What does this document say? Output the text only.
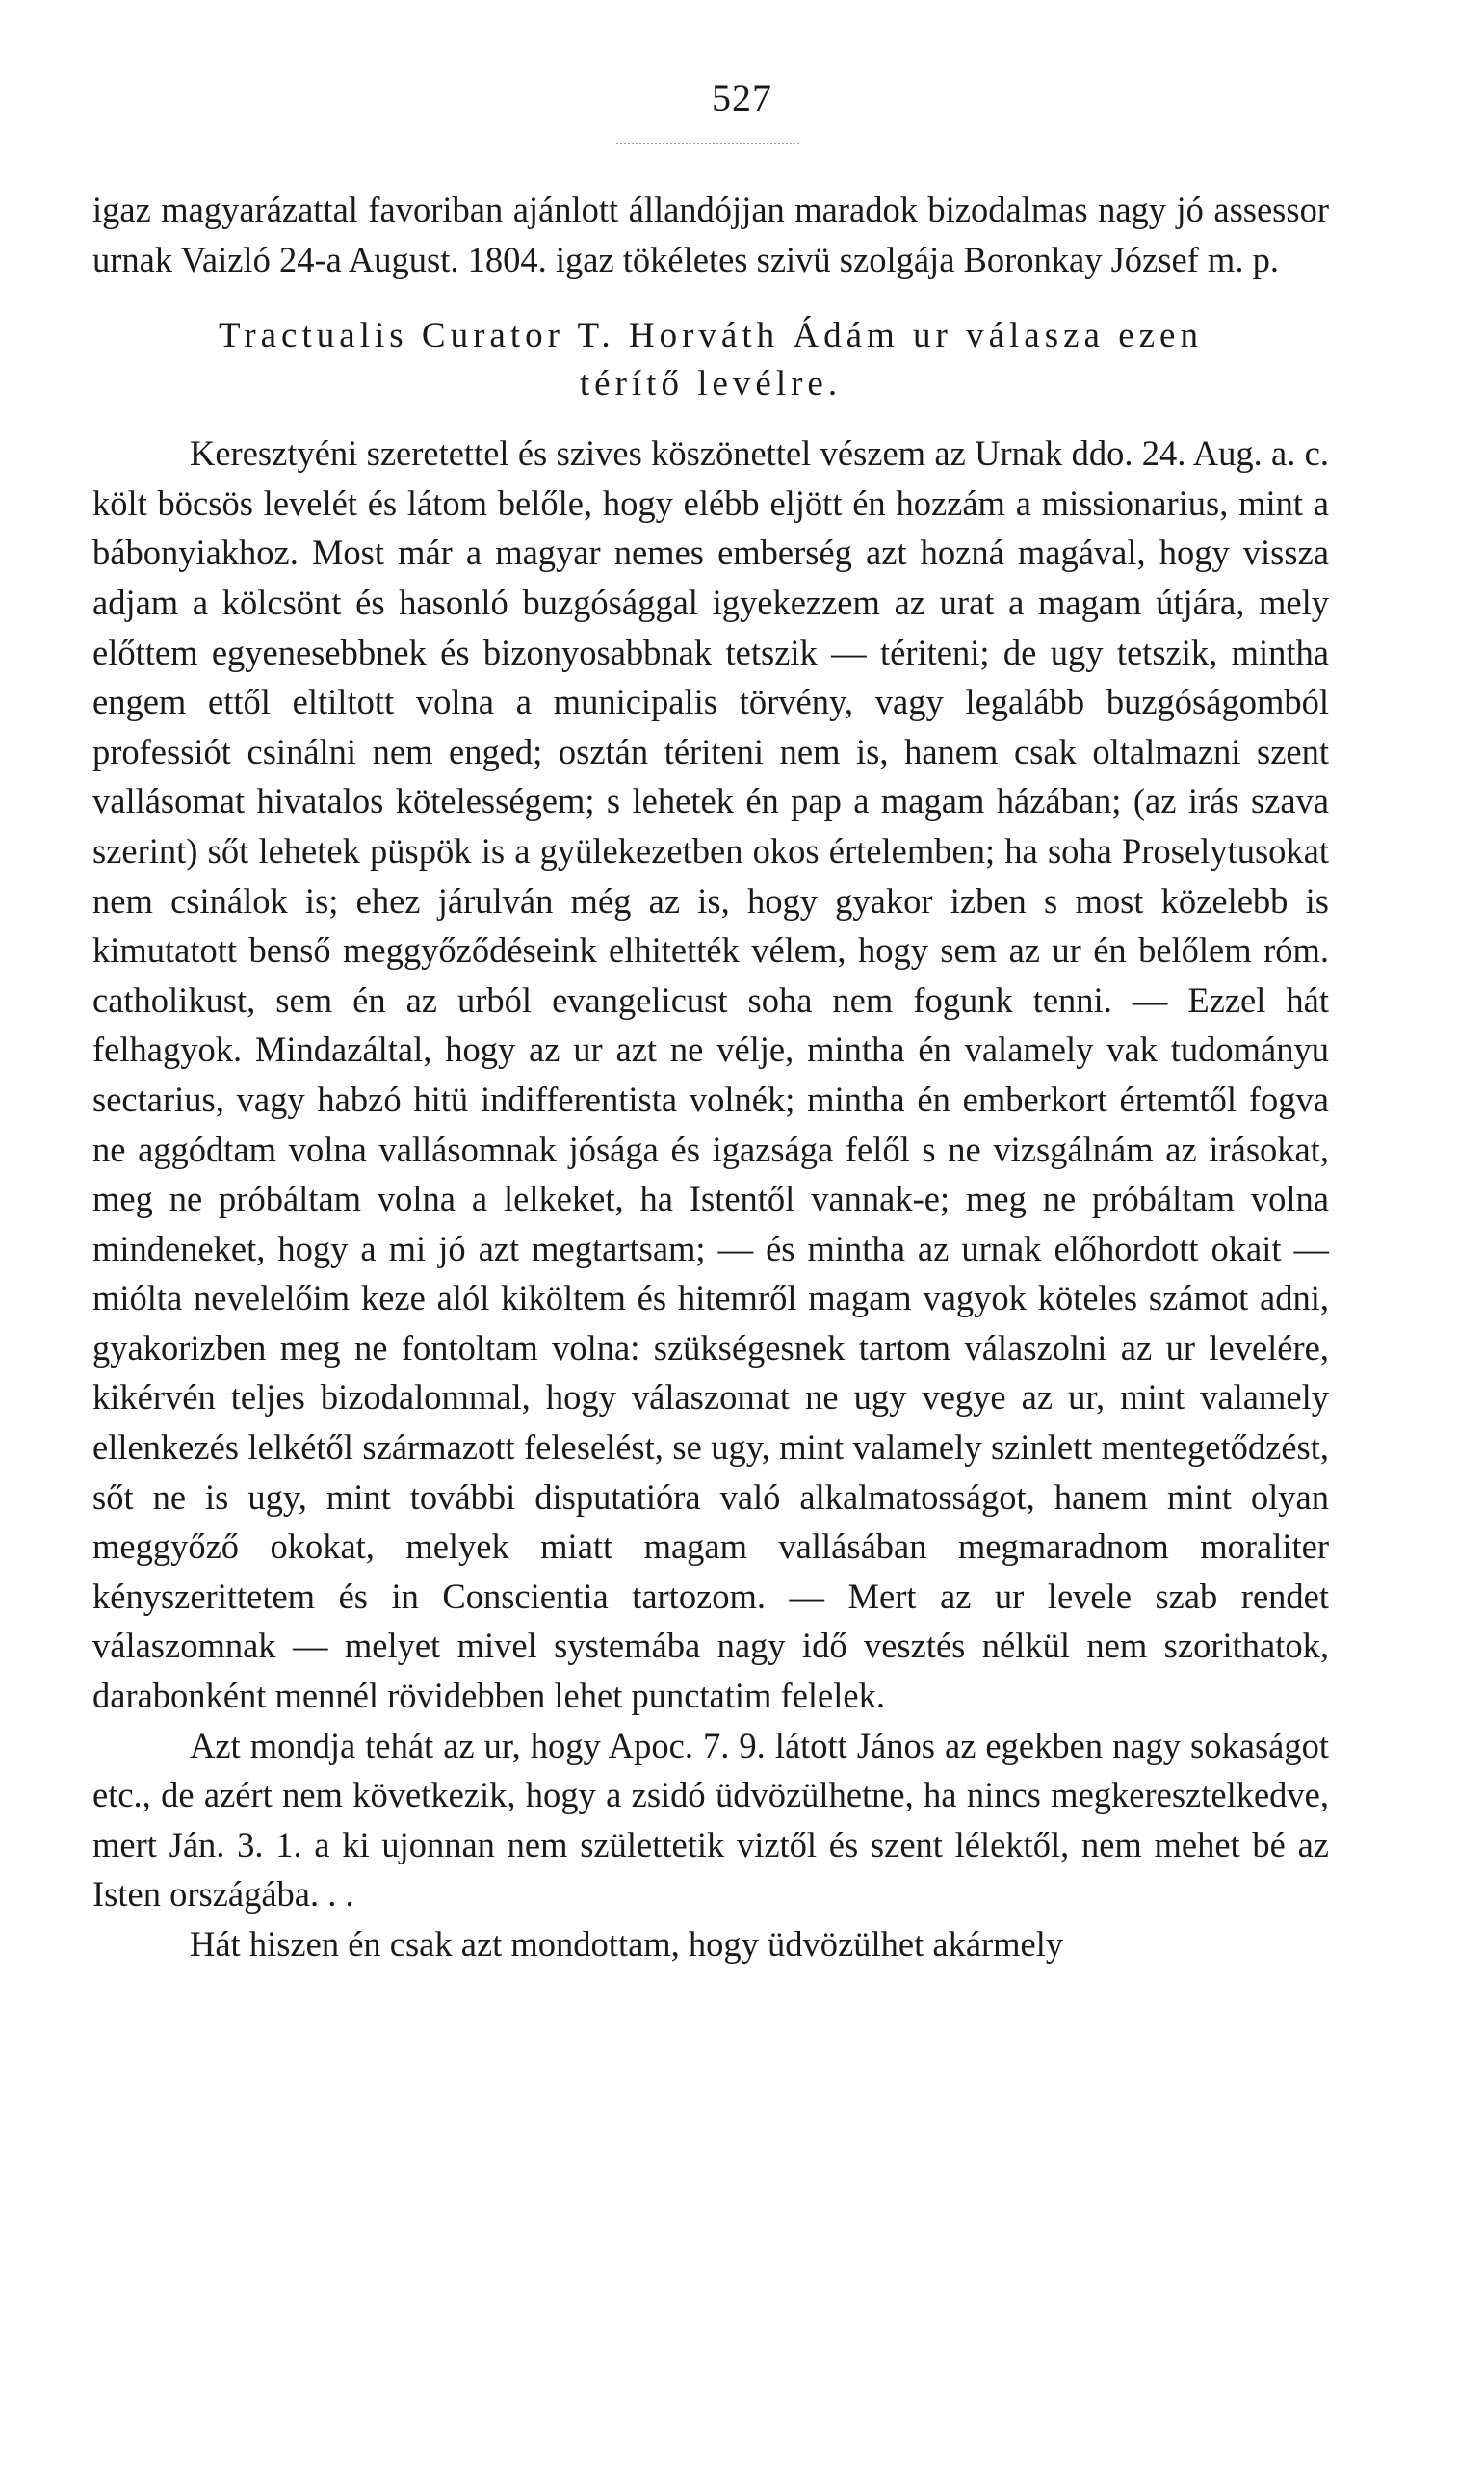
527

igaz magyarázattal favoriban ajánlott állandójjan maradok bizodalmas nagy jó assessor urnak Vaizló 24-a August. 1804. igaz tökéletes szivü szolgája Boronkay József m. p.

Tractualis Curator T. Horváth Ádám ur válasza ezen
térítő levélre.

Keresztyéni szeretettel és szives köszönettel vészem az Urnak ddo. 24. Aug. a. c. költ böcsös levelét és látom belőle, hogy elébb eljött én hozzám a missionarius, mint a bábonyiakhoz. Most már a magyar nemes emberség azt hozná magával, hogy vissza adjam a kölcsönt és hasonló buzgósággal igyekezzem az urat a magam útjára, mely előttem egyenesebbnek és bizonyosabbnak tetszik — tériteni; de ugy tetszik, mintha engem ettől eltiltott volna a municipalis törvény, vagy legalább buzgóságomból professiót csinálni nem enged; osztán tériteni nem is, hanem csak oltalmazni szent vallásomat hivatalos kötelességem; s lehetek én pap a magam házában; (az irás szava szerint) sőt lehetek püspök is a gyülekezetben okos értelemben; ha soha Proselytusokat nem csinálok is; ehez járulván még az is, hogy gyakor izben s most közelebb is kimutatott benső meggyőződéseink elhitették vélem, hogy sem az ur én belőlem róm. catholikust, sem én az urból evangelicust soha nem fogunk tenni. — Ezzel hát felhagyok. Mindazáltal, hogy az ur azt ne vélje, mintha én valamely vak tudományu sectarius, vagy habzó hitü indifferentista volnék; mintha én emberkort értemtől fogva ne aggódtam volna vallásomnak jósága és igazsága felől s ne vizsgálnám az irásokat, meg ne próbáltam volna a lelkeket, ha Istentől vannak-e; meg ne próbáltam volna mindeneket, hogy a mi jó azt megtartsam; — és mintha az urnak előhordott okait — miólta nevelelőim keze alól kiköltem és hitemről magam vagyok köteles számot adni, gyakorizben meg ne fontoltam volna: szükségesnek tartom válaszolni az ur levelére, kikérvén teljes bizodalommal, hogy válaszomat ne ugy vegye az ur, mint valamely ellenkezés lelkétől származott feleselést, se ugy, mint valamely szinlett mentegetődzést, sőt ne is ugy, mint további disputatióra való alkalmatosságot, hanem mint olyan meggyőző okokat, melyek miatt magam vallásában megmaradnom moraliter kényszerittetem és in Conscientia tartozom. — Mert az ur levele szab rendet válaszomnak — melyet mivel systemába nagy idő vesztés nélkül nem szorithatok, darabonként mennél rövidebben lehet punctatim felelek.

Azt mondja tehát az ur, hogy Apoc. 7. 9. látott János az egekben nagy sokaságot etc., de azért nem következik, hogy a zsidó üdvözülhetne, ha nincs megkeresztelkedve, mert Ján. 3. 1. a ki ujonnan nem születtetik viztől és szent lélektől, nem mehet bé az Isten országába. . .

Hát hiszen én csak azt mondottam, hogy üdvözülhet akármely
